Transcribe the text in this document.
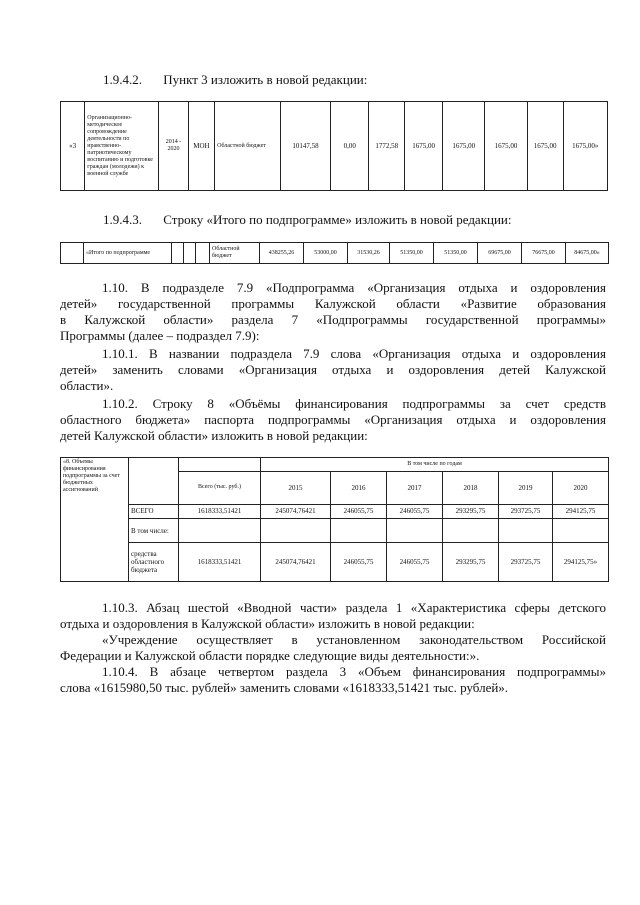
1.9.4.2. Пункт 3 изложить в новой редакции:
«3	Организационно-методическое сопровождение деятельности по нравственно-патриотическому воспитанию и подготовке граждан (молодежи) к военной службе	2014 - 2020	МОН	Областной бюджет	10147,58	0,00	1772,58	1675,00	1675,00	1675,00	1675,00	1675,00»
1.9.4.3. Строку «Итого по подпрограмме» изложить в новой редакции:
	«Итого по подпрограмме				Областной бюджет	438255,26	53000,00	31530,26	51350,00	51350,00	69675,00	76675,00	84675,00»
1.10. В подразделе 7.9 «Подпрограмма «Организация отдыха и оздоровления
детей» государственной программы Калужской области «Развитие образования
в Калужской области» раздела 7 «Подпрограммы государственной программы»
Программы (далее – подраздел 7.9):
1.10.1. В названии подраздела 7.9 слова «Организация отдыха и оздоровления
детей» заменить словами «Организация отдыха и оздоровления детей Калужской
области».
1.10.2. Строку 8 «Объёмы финансирования подпрограммы за счет средств
областного бюджета» паспорта подпрограммы «Организация отдыха и оздоровления
детей Калужской области» изложить в новой редакции:
«8. Объемы финансирования подпрограммы за счет бюджетных ассигнований			В том числе по годам					
		Всего (тыс. руб.)	2015	2016	2017	2018	2019	2020
	ВСЕГО	1618333,51421	245074,76421	246055,75	246055,75	293295,75	293725,75	294125,75
	В том числе:							
	средства областного бюджета	1618333,51421	245074,76421	246055,75	246055,75	293295,75	293725,75	294125,75»
1.10.3. Абзац шестой «Вводной части» раздела 1 «Характеристика сферы детского
отдыха и оздоровления в Калужской области» изложить в новой редакции:
«Учреждение осуществляет в установленном законодательством Российской
Федерации и Калужской области порядке следующие виды деятельности:».
1.10.4. В абзаце четвертом раздела 3 «Объем финансирования подпрограммы»
слова «1615980,50 тыс. рублей» заменить словами «1618333,51421 тыс. рублей».
